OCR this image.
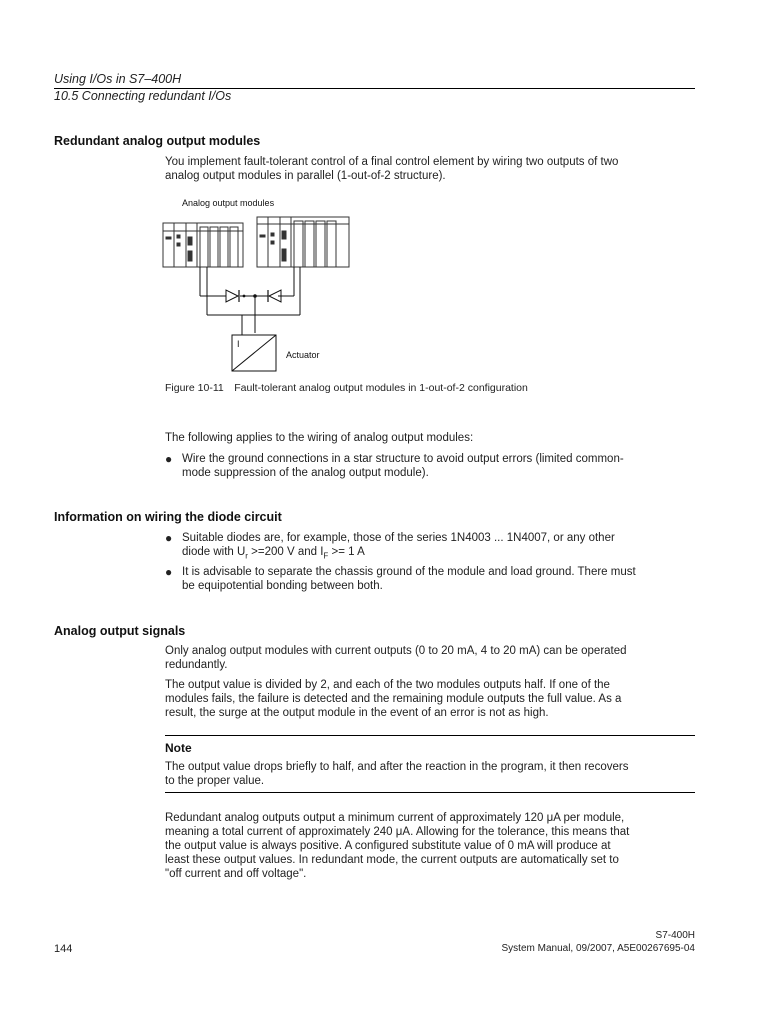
Using I/Os in S7–400H
10.5 Connecting redundant I/Os
Redundant analog output modules
You implement fault-tolerant control of a final control element by wiring two outputs of two
analog output modules in parallel (1-out-of-2 structure).
Analog output modules
I
Actuator
Figure 10-11 Fault-tolerant analog output modules in 1-out-of-2 configuration
The following applies to the wiring of analog output modules:
● Wire the ground connections in a star structure to avoid output errors (limited common-
mode suppression of the analog output module).
Information on wiring the diode circuit
● Suitable diodes are, for example, those of the series 1N4003 ... 1N4007, or any other
diode with $U_r >=200$ V and $I_F >= 1$ A
● It is advisable to separate the chassis ground of the module and load ground. There must
be equipotential bonding between both.
Analog output signals
Only analog output modules with current outputs (0 to 20 mA, 4 to 20 mA) can be operated
redundantly.
The output value is divided by 2, and each of the two modules outputs half. If one of the
modules fails, the failure is detected and the remaining module outputs the full value. As a
result, the surge at the output module in the event of an error is not as high.
Note
The output value drops briefly to half, and after the reaction in the program, it then recovers
to the proper value.
Redundant analog outputs output a minimum current of approximately 120 μA per module,
meaning a total current of approximately 240 μA. Allowing for the tolerance, this means that
the output value is always positive. A configured substitute value of 0 mA will produce at
least these output values. In redundant mode, the current outputs are automatically set to
"off current and off voltage".
S7-400H
144	System Manual, 09/2007, A5E00267695-04
